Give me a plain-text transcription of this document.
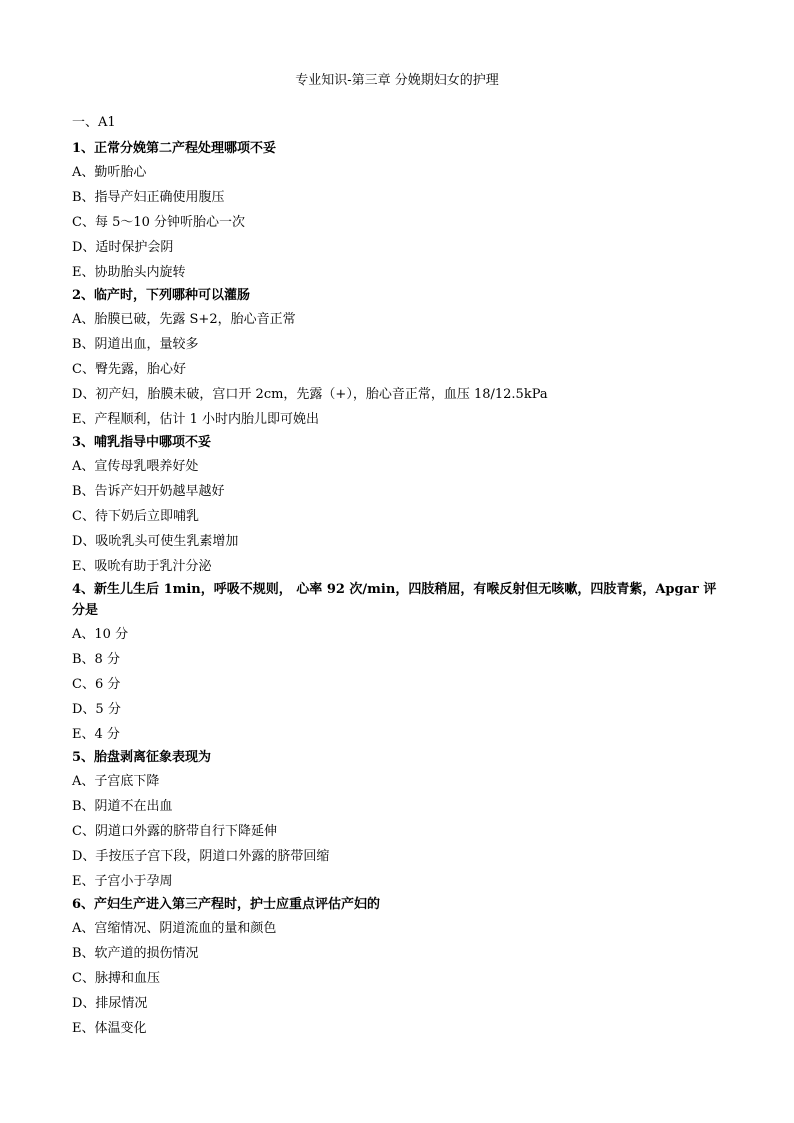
专业知识-第三章 分娩期妇女的护理
一、A1
1、正常分娩第二产程处理哪项不妥
A、勤听胎心
B、指导产妇正确使用腹压
C、每 5～10 分钟听胎心一次
D、适时保护会阴
E、协助胎头内旋转
2、临产时，下列哪种可以灌肠
A、胎膜已破，先露 S+2，胎心音正常
B、阴道出血，量较多
C、臀先露，胎心好
D、初产妇，胎膜未破，宫口开 2cm，先露（+），胎心音正常，血压 18/12.5kPa
E、产程顺利，估计 1 小时内胎儿即可娩出
3、哺乳指导中哪项不妥
A、宣传母乳喂养好处
B、告诉产妇开奶越早越好
C、待下奶后立即哺乳
D、吸吮乳头可使生乳素增加
E、吸吮有助于乳汁分泌
4、新生儿生后 1min，呼吸不规则， 心率 92 次/min，四肢稍屈，有喉反射但无咳嗽，四肢青紫，Apgar 评分是
A、10 分
B、8 分
C、6 分
D、5 分
E、4 分
5、胎盘剥离征象表现为
A、子宫底下降
B、阴道不在出血
C、阴道口外露的脐带自行下降延伸
D、手按压子宫下段，阴道口外露的脐带回缩
E、子宫小于孕周
6、产妇生产进入第三产程时，护士应重点评估产妇的
A、宫缩情况、阴道流血的量和颜色
B、软产道的损伤情况
C、脉搏和血压
D、排尿情况
E、体温变化
